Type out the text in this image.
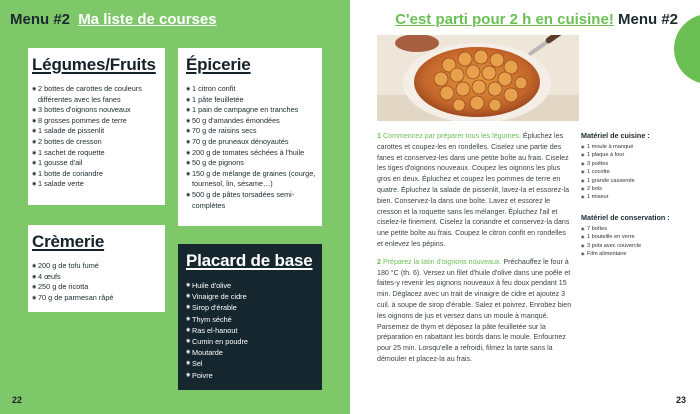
Menu #2 Ma liste de courses
Légumes/Fruits
◉ 2 bottes de carottes de couleurs différentes avec les fanes
◉ 3 bottes d'oignons nouveaux
◉ 8 grosses pommes de terre
◉ 1 salade de pissenlit
◉ 2 bottes de cresson
◉ 1 sachet de roquette
◉ 1 gousse d'ail
◉ 1 botte de coriandre
◉ 1 salade verte
Épicerie
◉ 1 citron confit
◉ 1 pâte feuilletée
◉ 1 pain de campagne en tranches
◉ 50 g d'amandes émondées
◉ 70 g de raisins secs
◉ 70 g de pruneaux dénoyautés
◉ 200 g de tomates séchées à l'huile
◉ 50 g de pignons
◉ 150 g de mélange de graines (courge, tournesol, lin, sésame…)
◉ 500 g de pâtes torsadées semi-complètes
Crèmerie
◉ 200 g de tofu fumé
◉ 4 œufs
◉ 250 g de ricotta
◉ 70 g de parmesan râpé
Placard de base
◉ Huile d'olive
◉ Vinaigre de cidre
◉ Sirop d'érable
◉ Thym séché
◉ Ras el-hanout
◉ Cumin en poudre
◉ Moutarde
◉ Sel
◉ Poivre
22
C'est parti pour 2 h en cuisine! Menu #2

1 Commencez par préparer tous les légumes. Épluchez les carottes et coupez-les en rondelles. Ciselez une partie des fanes et conservez-les dans une petite boîte au frais. Ciselez les tiges d'oignons nouveaux. Coupez les oignons les plus gros en deux. Épluchez et coupez les pommes de terre en quatre. Épluchez la salade de pissenlit, lavez-la et essorez-la bien. Conservez-la dans une boîte. Lavez et essorez le cresson et la roquette sans les mélanger. Épluchez l'ail et ciselez-le finement. Ciselez la coriandre et conservez-la dans une petite boîte au frais. Coupez le citron confit en rondelles et enlevez les pépins.

2 Préparez la tatin d'oignons nouveaux. Préchauffez le four à 180 °C (th. 6). Versez un filet d'huile d'olive dans une poêle et faites-y revenir les oignons nouveaux à feu doux pendant 15 min. Déglacez avec un trait de vinaigre de cidre et ajoutez 3 cuil. à soupe de sirop d'érable. Salez et poivrez. Enrobez bien les oignons de jus et versez dans un moule à manqué. Parsemez de thym et déposez la pâte feuilletée sur la préparation en rabattant les bords dans le moule. Enfournez pour 25 min. Lorsqu'elle a refroidi, filmez la tarte sans la démouler et placez-la au frais.

Matériel de cuisine :
◉ 1 moule à manqué
◉ 1 plaque à four
◉ 3 poêles
◉ 1 cocotte
◉ 1 grande casserole
◉ 2 bols
◉ 1 mixeur
Matériel de conservation :
◉ 7 boîtes
◉ 1 bouteille en verre
◉ 3 pots avec couvercle
◉ Film alimentaire
23
